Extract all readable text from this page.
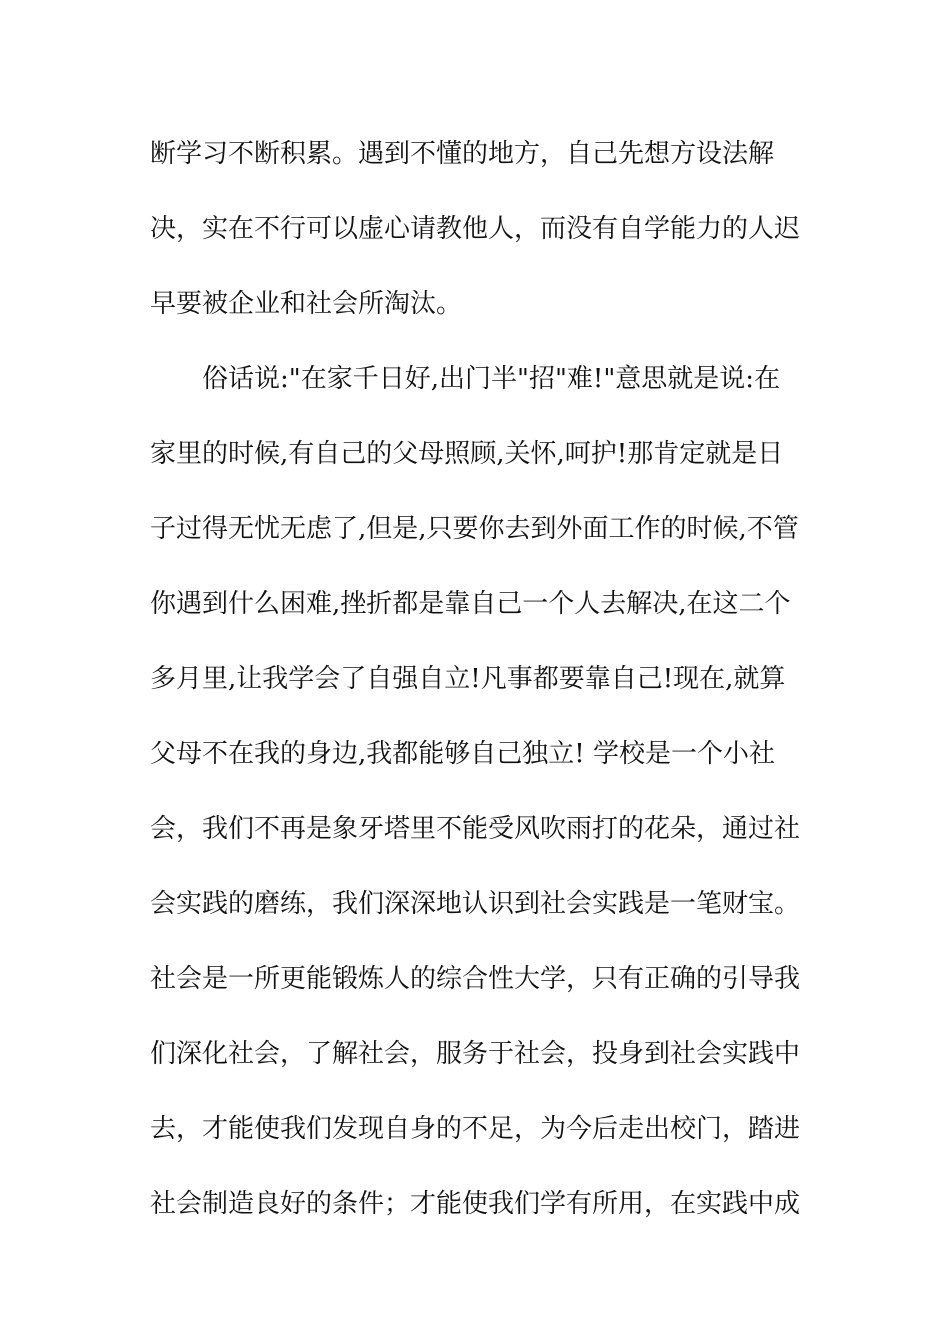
断学习不断积累。遇到不懂的地方，自己先想方设法解
决，实在不行可以虚心请教他人，而没有自学能力的人迟
早要被企业和社会所淘汰。
　　俗话说:"在家千日好,出门半"招"难!"意思就是说:在
家里的时候,有自己的父母照顾,关怀,呵护!那肯定就是日
子过得无忧无虑了,但是,只要你去到外面工作的时候,不管
你遇到什么困难,挫折都是靠自己一个人去解决,在这二个
多月里,让我学会了自强自立!凡事都要靠自己!现在,就算
父母不在我的身边,我都能够自己独立! 学校是一个小社
会，我们不再是象牙塔里不能受风吹雨打的花朵，通过社
会实践的磨练，我们深深地认识到社会实践是一笔财宝。
社会是一所更能锻炼人的综合性大学，只有正确的引导我
们深化社会，了解社会，服务于社会，投身到社会实践中
去，才能使我们发现自身的不足，为今后走出校门，踏进
社会制造良好的条件；才能使我们学有所用，在实践中成
